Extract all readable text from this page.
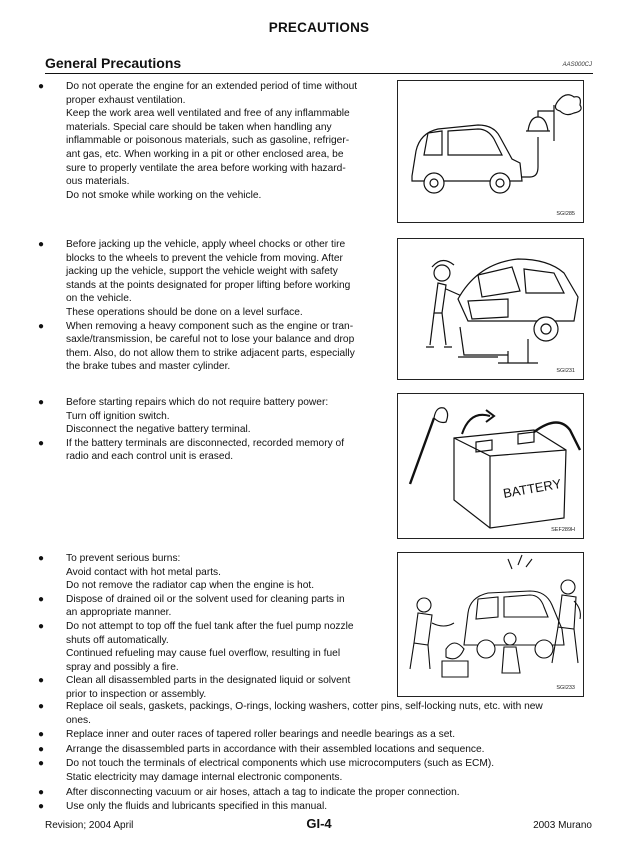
PRECAUTIONS
General Precautions	AAS000CJ
● Do not operate the engine for an extended period of time without
proper exhaust ventilation.
Keep the work area well ventilated and free of any inflammable
materials. Special care should be taken when handling any
inflammable or poisonous materials, such as gasoline, refriger-
ant gas, etc. When working in a pit or other enclosed area, be
sure to properly ventilate the area before working with hazard-
ous materials.
Do not smoke while working on the vehicle.
SGI285
● Before jacking up the vehicle, apply wheel chocks or other tire
blocks to the wheels to prevent the vehicle from moving. After
jacking up the vehicle, support the vehicle weight with safety
stands at the points designated for proper lifting before working
on the vehicle.
These operations should be done on a level surface.
● When removing a heavy component such as the engine or tran-
saxle/transmission, be careful not to lose your balance and drop
them. Also, do not allow them to strike adjacent parts, especially
the brake tubes and master cylinder.	SGI231
● Before starting repairs which do not require battery power:
Turn off ignition switch.
Disconnect the negative battery terminal.
● If the battery terminals are disconnected, recorded memory of
radio and each control unit is erased.
BATTERY
SEF289H
● To prevent serious burns:
Avoid contact with hot metal parts.
Do not remove the radiator cap when the engine is hot.
● Dispose of drained oil or the solvent used for cleaning parts in
an appropriate manner.
● Do not attempt to top off the fuel tank after the fuel pump nozzle
shuts off automatically.
Continued refueling may cause fuel overflow, resulting in fuel
spray and possibly a fire.
● Clean all disassembled parts in the designated liquid or solvent
prior to inspection or assembly.
SGI233
● Replace oil seals, gaskets, packings, O-rings, locking washers, cotter pins, self-locking nuts, etc. with new
ones.
● Replace inner and outer races of tapered roller bearings and needle bearings as a set.
● Arrange the disassembled parts in accordance with their assembled locations and sequence.
● Do not touch the terminals of electrical components which use microcomputers (such as ECM).
Static electricity may damage internal electronic components.
● After disconnecting vacuum or air hoses, attach a tag to indicate the proper connection.
● Use only the fluids and lubricants specified in this manual.
Revision; 2004 April	GI-4	2003 Murano
